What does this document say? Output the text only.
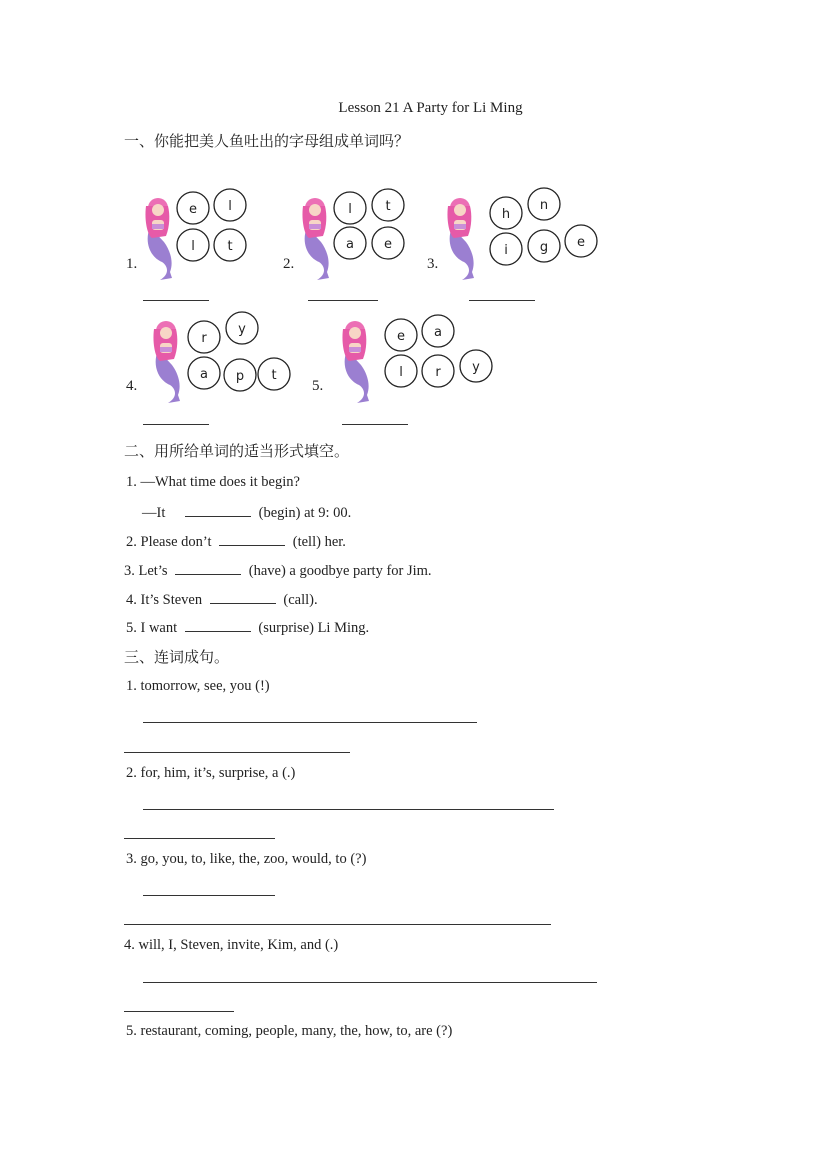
Lesson 21 A Party for Li Ming
一、你能把美人鱼吐出的字母组成单词吗？
e l
l	t
l	t
a e
h
n
i g e
r
y
a p t
e a
l	r y
1.	2.	3.
4.	5.
二、用所给单词的适当形式填空。
1. —What time does it begin?
—It	(begin) at 9: 00.
2. Please don’t	(tell) her.
3. Let’s	(have) a goodbye party for Jim.
4. It’s Steven	(call).
5. I want	(surprise) Li Ming.
三、连词成句。
1. tomorrow, see, you (!)
2. for, him, it’s, surprise, a (.)
3. go, you, to, like, the, zoo, would, to (?)
4. will, I, Steven, invite, Kim, and (.)
5. restaurant, coming, people, many, the, how, to, are (?)
